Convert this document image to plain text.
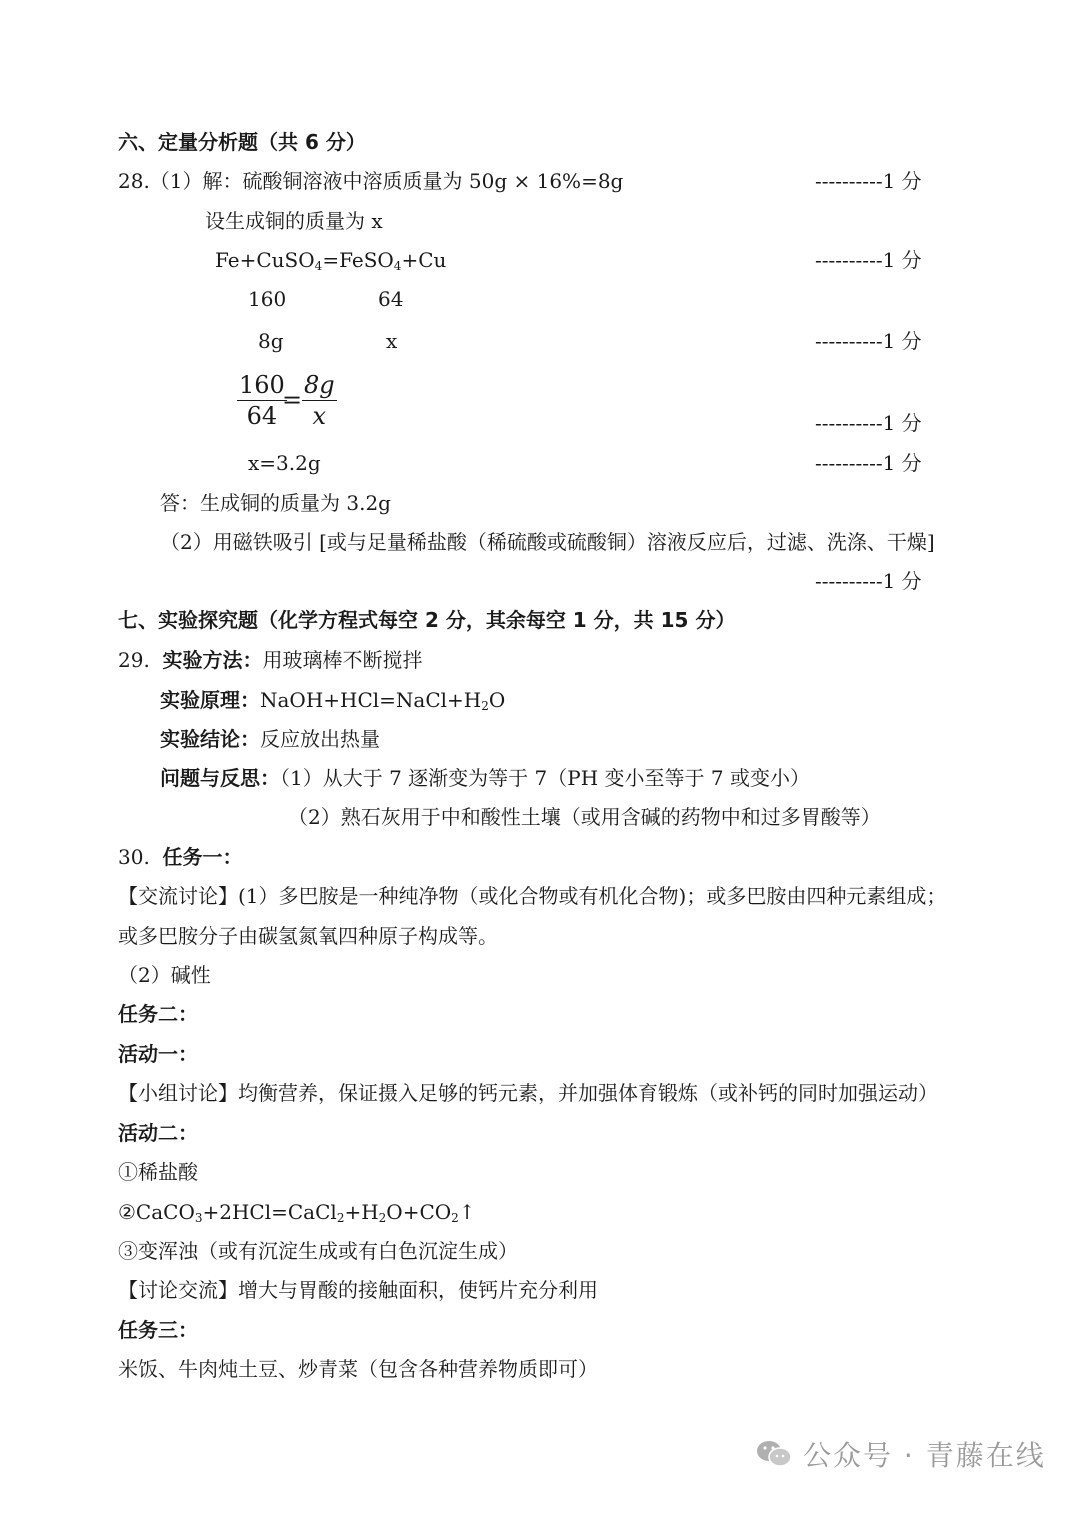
六、定量分析题（共 6 分）
28.（1）解：硫酸铜溶液中溶质质量为 50g × 16%=8g	----------1 分
设生成铜的质量为 x
Fe+CuSO$_4$=FeSO$_4$+Cu	----------1 分
160	64
8g	x	----------1 分
$\frac{160}{64}$
= $\frac{8g}{x}$	----------1 分
x=3.2g	----------1 分
答：生成铜的质量为 3.2g
（2）用磁铁吸引 [或与足量稀盐酸（稀硫酸或硫酸铜）溶液反应后，过滤、洗涤、干燥]
----------1 分
七、实验探究题（化学方程式每空 2 分，其余每空 1 分，共 15 分）
29. 实验方法：用玻璃棒不断搅拌
实验原理：$NaOH+HCl=NaCl+H_2O$
实验结论：反应放出热量
问题与反思：（1）从大于 7 逐渐变为等于 7（PH 变小至等于 7 或变小）
（2）熟石灰用于中和酸性土壤（或用含碱的药物中和过多胃酸等）
30. 任务一：
【交流讨论】(1）多巴胺是一种纯净物（或化合物或有机化合物)；或多巴胺由四种元素组成；
或多巴胺分子由碳氢氮氧四种原子构成等。
（2）碱性
任务二：
活动一：
【小组讨论】均衡营养，保证摄入足够的钙元素，并加强体育锻炼（或补钙的同时加强运动）
活动二：
①稀盐酸
$②CaCO_3+2HCl=CaCl_2+H_2O+CO_2↑$
③变浑浊（或有沉淀生成或有白色沉淀生成）
【讨论交流】增大与胃酸的接触面积，使钙片充分利用
任务三：
米饭、牛肉炖土豆、炒青菜（包含各种营养物质即可）
公众号 · 青藤在线
